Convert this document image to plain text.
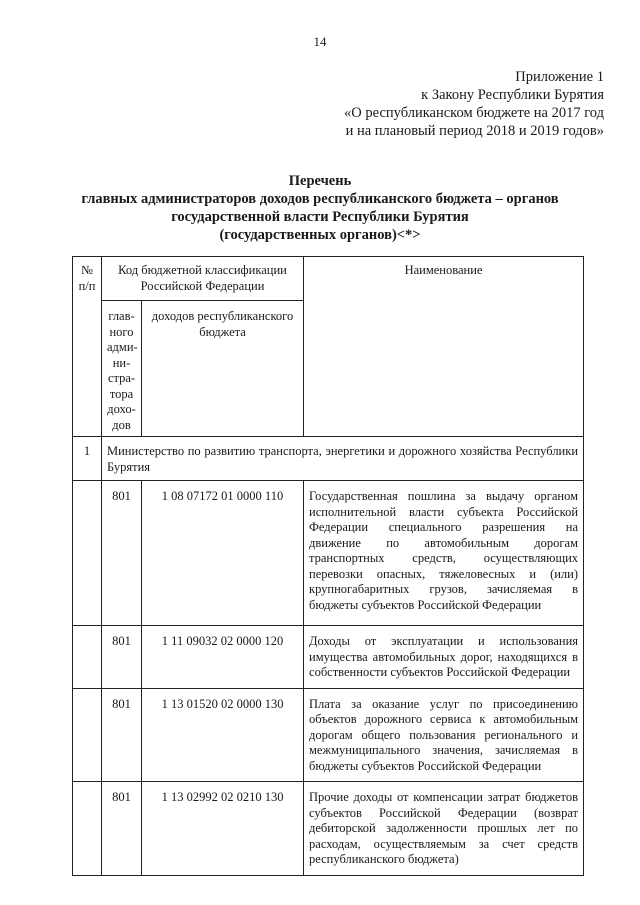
14
Приложение 1
к Закону Республики Бурятия
«О республиканском бюджете на 2017 год
и на плановый период 2018 и 2019 годов»
Перечень
главных администраторов доходов республиканского бюджета – органов
государственной власти Республики Бурятия
(государственных органов)<*>
№ п/п	Код бюджетной классификации Российской Федерации		Наименование
	глав-ного адми-ни-стра-тора дохо-дов	доходов республиканского бюджета	
1	Министерство по развитию транспорта, энергетики и дорожного хозяйства Республики Бурятия		
	801	1 08 07172 01 0000 110	Государственная пошлина за выдачу органом исполнительной власти субъекта Российской Федерации специального разрешения на движение по автомобильным дорогам транспортных средств, осуществляющих перевозки опасных, тяжеловесных и (или) крупногабаритных грузов, зачисляемая в бюджеты субъектов Российской Федерации
	801	1 11 09032 02 0000 120	Доходы от эксплуатации и использования имущества автомобильных дорог, находящихся в собственности субъектов Российской Федерации
	801	1 13 01520 02 0000 130	Плата за оказание услуг по присоединению объектов дорожного сервиса к автомобильным дорогам общего пользования регионального и межмуниципального значения, зачисляемая в бюджеты субъектов Российской Федерации
	801	1 13 02992 02 0210 130	Прочие доходы от компенсации затрат бюджетов субъектов Российской Федерации (возврат дебиторской задолженности прошлых лет по расходам, осуществляемым за счет средств республиканского бюджета)
